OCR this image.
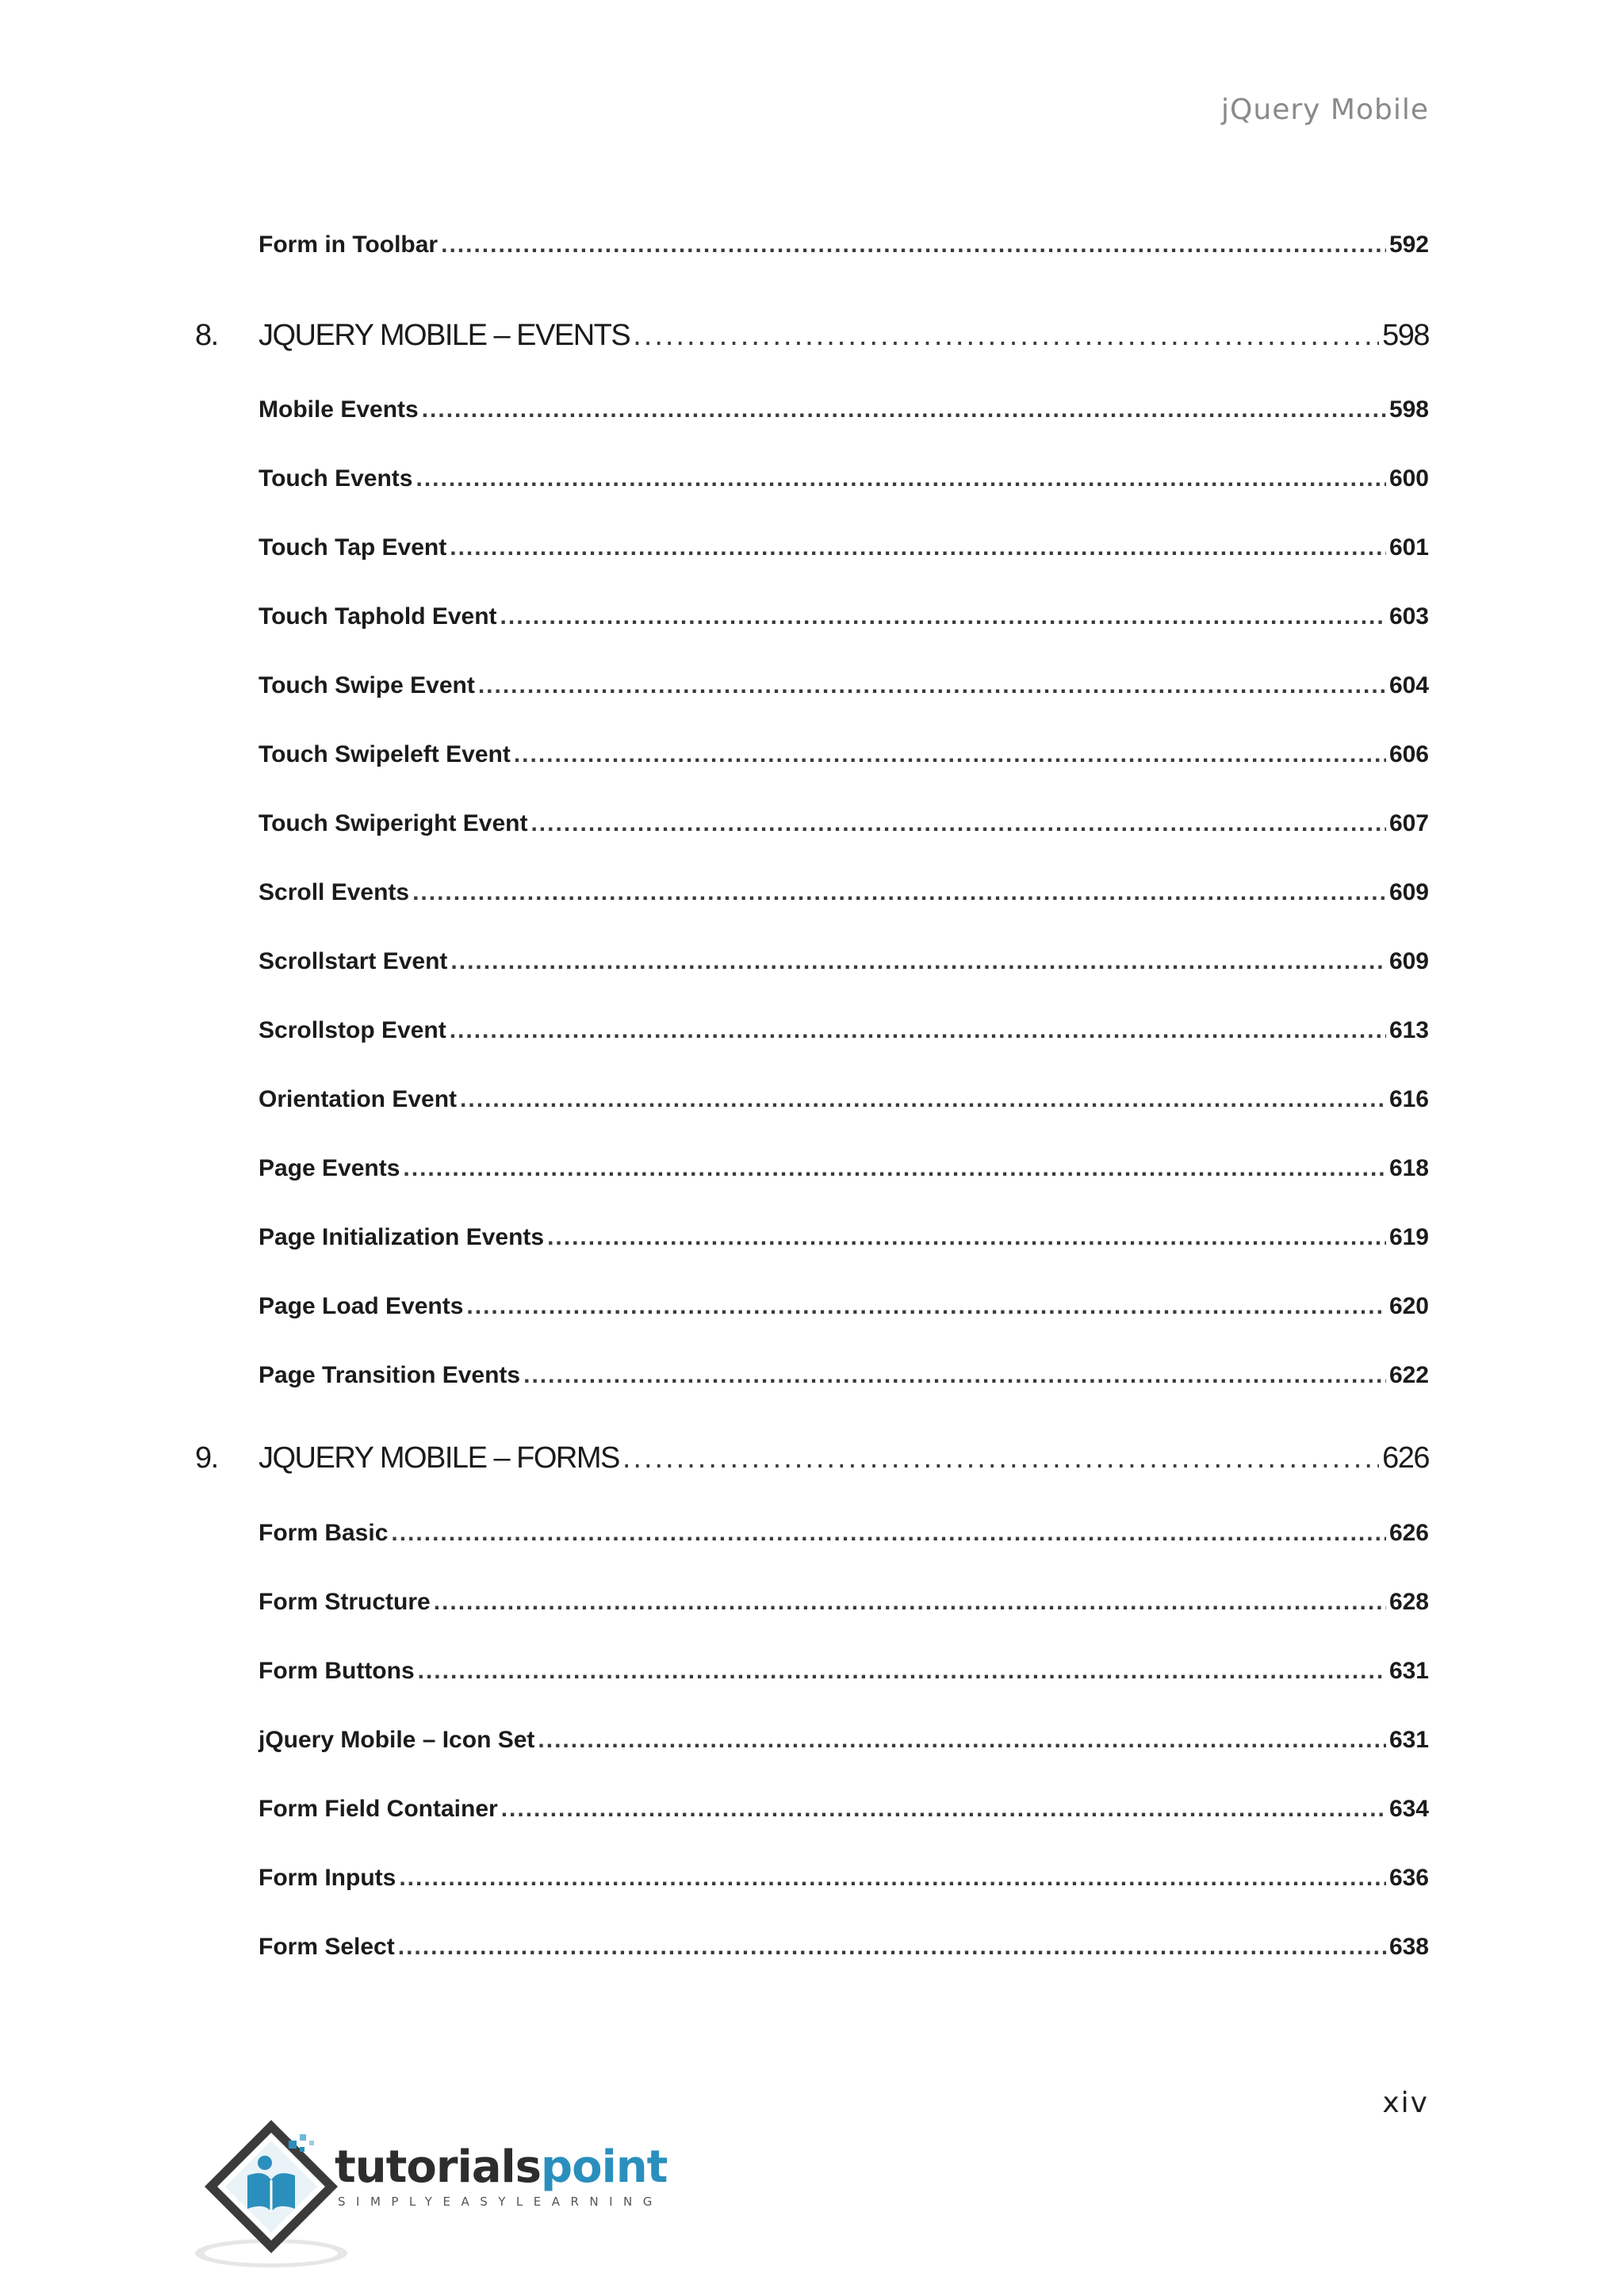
jQuery Mobile
Form in Toolbar .....	592
8.	JQUERY MOBILE – EVENTS .....	598
Mobile Events .....	598
Touch Events .....	600
Touch Tap Event .....	601
Touch Taphold Event .....	603
Touch Swipe Event .....	604
Touch Swipeleft Event .....	606
Touch Swiperight Event .....	607
Scroll Events .....	609
Scrollstart Event .....	609
Scrollstop Event .....	613
Orientation Event .....	616
Page Events .....	618
Page Initialization Events .....	619
Page Load Events .....	620
Page Transition Events .....	622
9.	JQUERY MOBILE – FORMS .....	626
Form Basic .....	626
Form Structure .....	628
Form Buttons .....	631
jQuery Mobile – Icon Set .....	631
Form Field Container .....	634
Form Inputs .....	636
Form Select .....	638
xiv
tutorialspoint
SIMPLYEASYLEARNING
